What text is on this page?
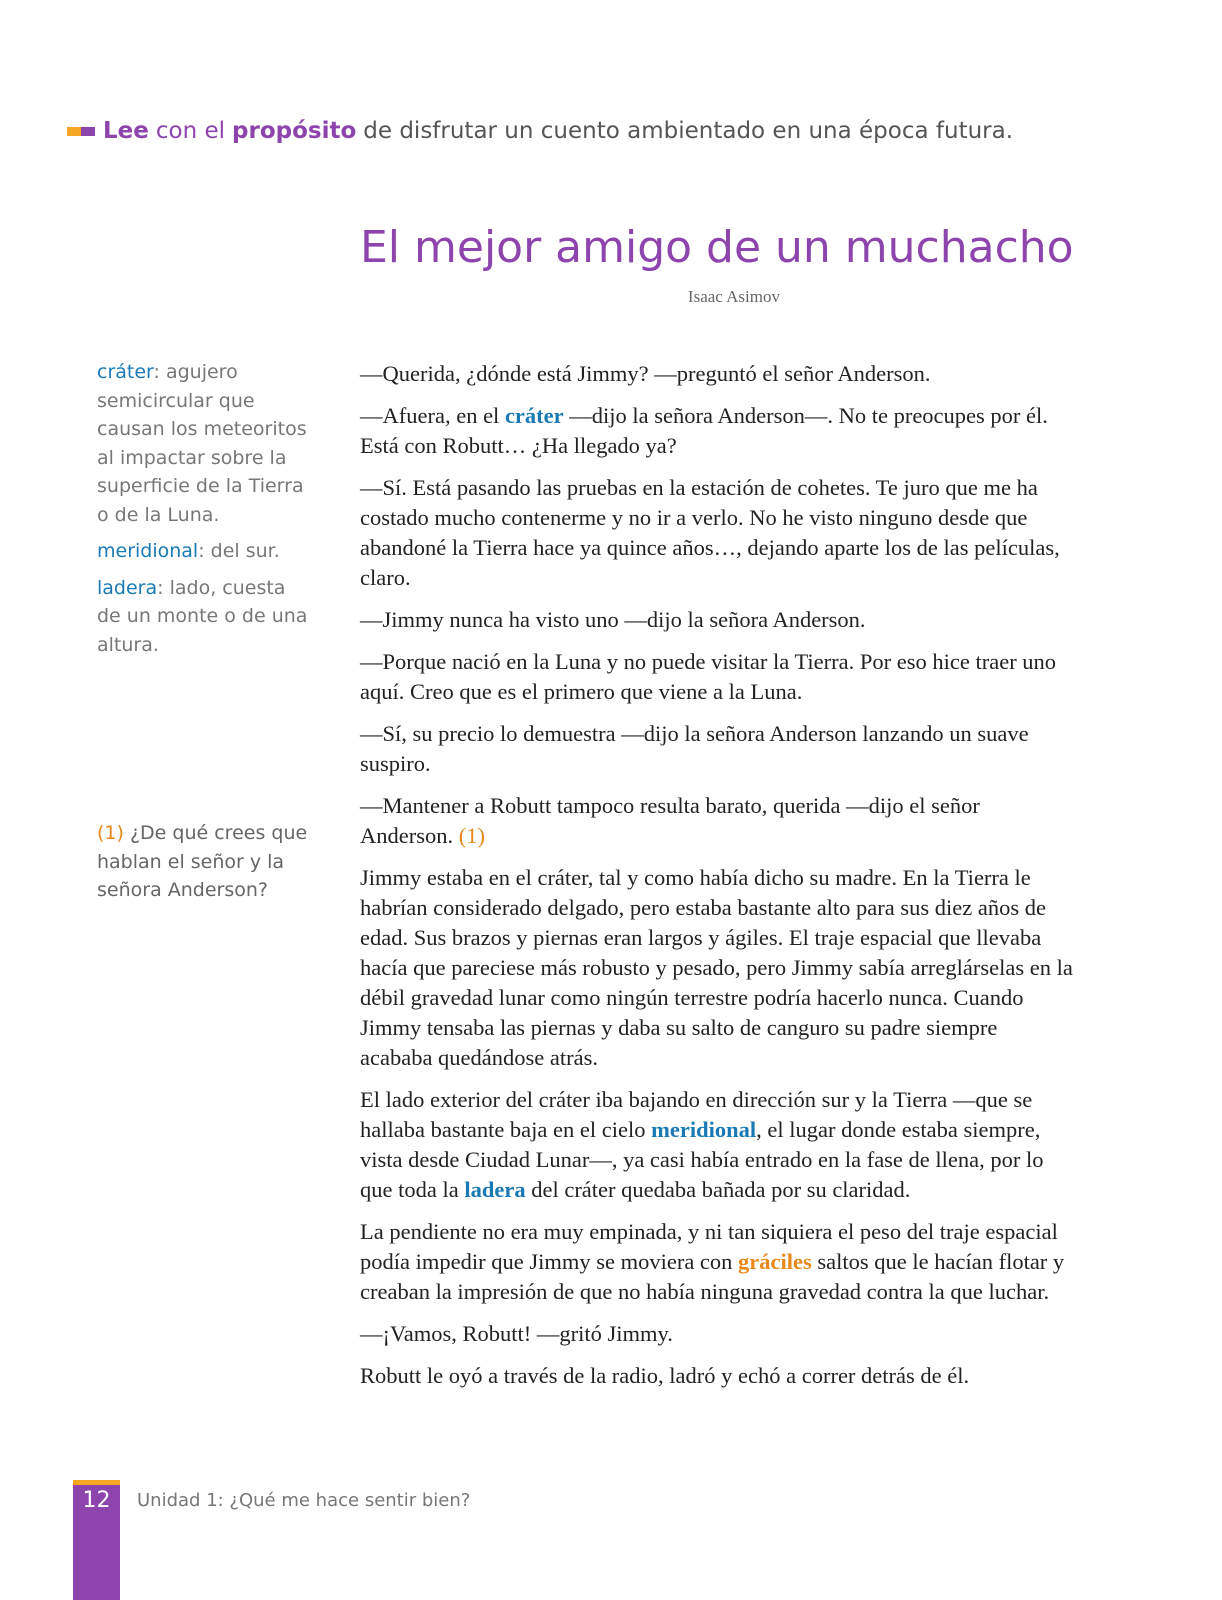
Lee con el propósito de disfrutar un cuento ambientado en una época futura.
El mejor amigo de un muchacho
Isaac Asimov

cráter: agujero semicircular que causan los meteoritos al impactar sobre la superficie de la Tierra o de la Luna.

meridional: del sur.

ladera: lado, cuesta de un monte o de una altura.

(1) ¿De qué crees que hablan el señor y la señora Anderson?

—Querida, ¿dónde está Jimmy? —preguntó el señor Anderson.

—Afuera, en el cráter —dijo la señora Anderson—. No te preocupes por él. Está con Robutt… ¿Ha llegado ya?

—Sí. Está pasando las pruebas en la estación de cohetes. Te juro que me ha costado mucho contenerme y no ir a verlo. No he visto ninguno desde que abandoné la Tierra hace ya quince años…, dejando aparte los de las películas, claro.

—Jimmy nunca ha visto uno —dijo la señora Anderson.

—Porque nació en la Luna y no puede visitar la Tierra. Por eso hice traer uno aquí. Creo que es el primero que viene a la Luna.

—Sí, su precio lo demuestra —dijo la señora Anderson lanzando un suave suspiro.

—Mantener a Robutt tampoco resulta barato, querida —dijo el señor Anderson. (1)

Jimmy estaba en el cráter, tal y como había dicho su madre. En la Tierra le habrían considerado delgado, pero estaba bastante alto para sus diez años de edad. Sus brazos y piernas eran largos y ágiles. El traje espacial que llevaba hacía que pareciese más robusto y pesado, pero Jimmy sabía arreglárselas en la débil gravedad lunar como ningún terrestre podría hacerlo nunca. Cuando Jimmy tensaba las piernas y daba su salto de canguro su padre siempre acababa quedándose atrás.

El lado exterior del cráter iba bajando en dirección sur y la Tierra —que se hallaba bastante baja en el cielo meridional, el lugar donde estaba siempre, vista desde Ciudad Lunar—, ya casi había entrado en la fase de llena, por lo que toda la ladera del cráter quedaba bañada por su claridad.

La pendiente no era muy empinada, y ni tan siquiera el peso del traje espacial podía impedir que Jimmy se moviera con gráciles saltos que le hacían flotar y creaban la impresión de que no había ninguna gravedad contra la que luchar.

—¡Vamos, Robutt! —gritó Jimmy.

Robutt le oyó a través de la radio, ladró y echó a correr detrás de él.

12	Unidad 1: ¿Qué me hace sentir bien?
